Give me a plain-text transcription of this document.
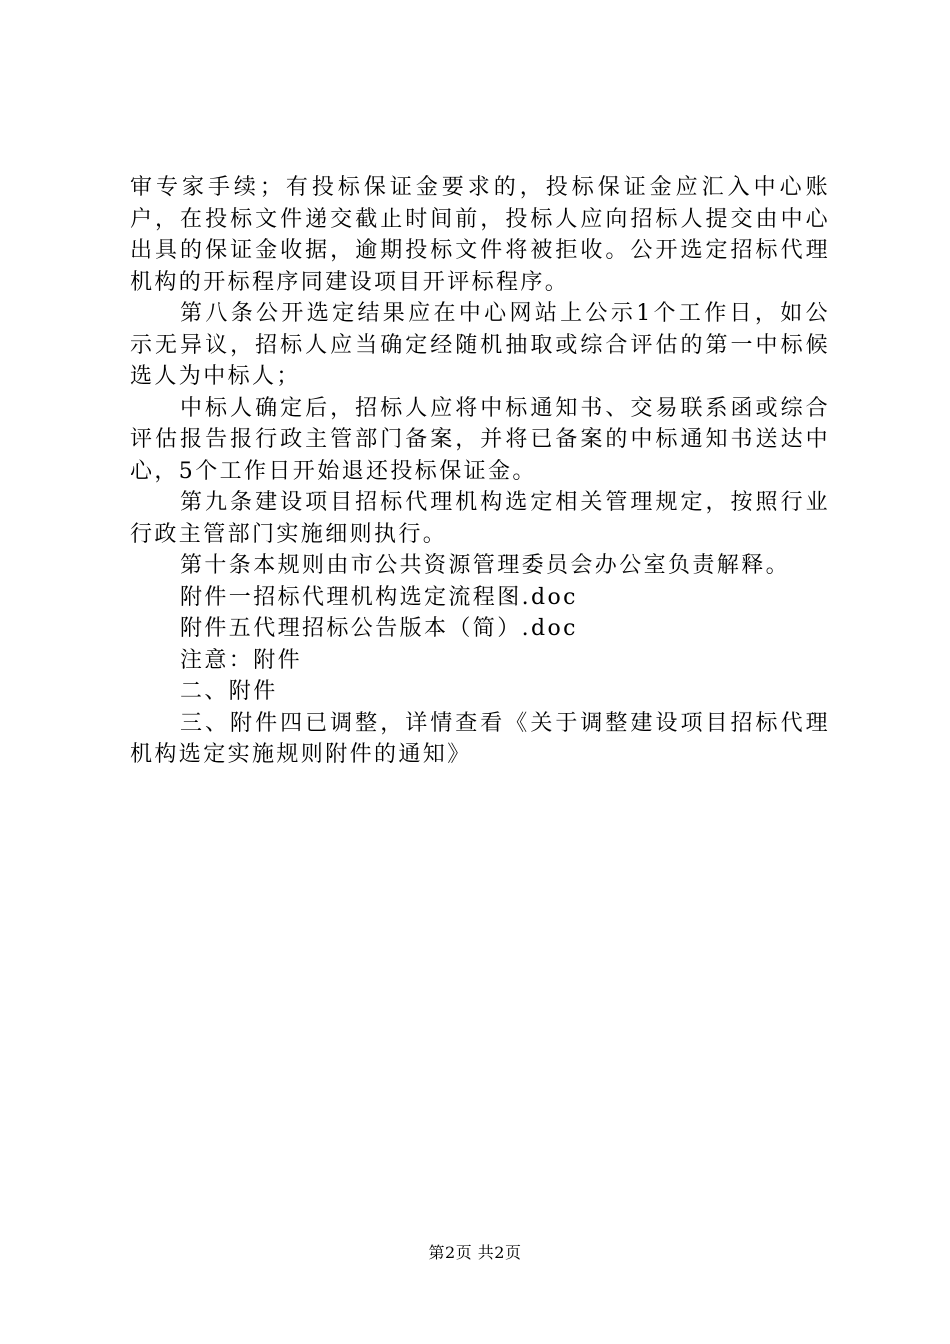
审专家手续；有投标保证金要求的，投标保证金应汇入中心账户，在投标文件递交截止时间前，投标人应向招标人提交由中心出具的保证金收据，逾期投标文件将被拒收。公开选定招标代理机构的开标程序同建设项目开评标程序。

第八条公开选定结果应在中心网站上公示1个工作日，如公示无异议，招标人应当确定经随机抽取或综合评估的第一中标候选人为中标人；

中标人确定后，招标人应将中标通知书、交易联系函或综合评估报告报行政主管部门备案，并将已备案的中标通知书送达中心，5个工作日开始退还投标保证金。

第九条建设项目招标代理机构选定相关管理规定，按照行业行政主管部门实施细则执行。

第十条本规则由市公共资源管理委员会办公室负责解释。

附件一招标代理机构选定流程图.doc

附件五代理招标公告版本（简）.doc

注意：附件

二、附件

三、附件四已调整，详情查看《关于调整建设项目招标代理机构选定实施规则附件的通知》

第2页 共2页
